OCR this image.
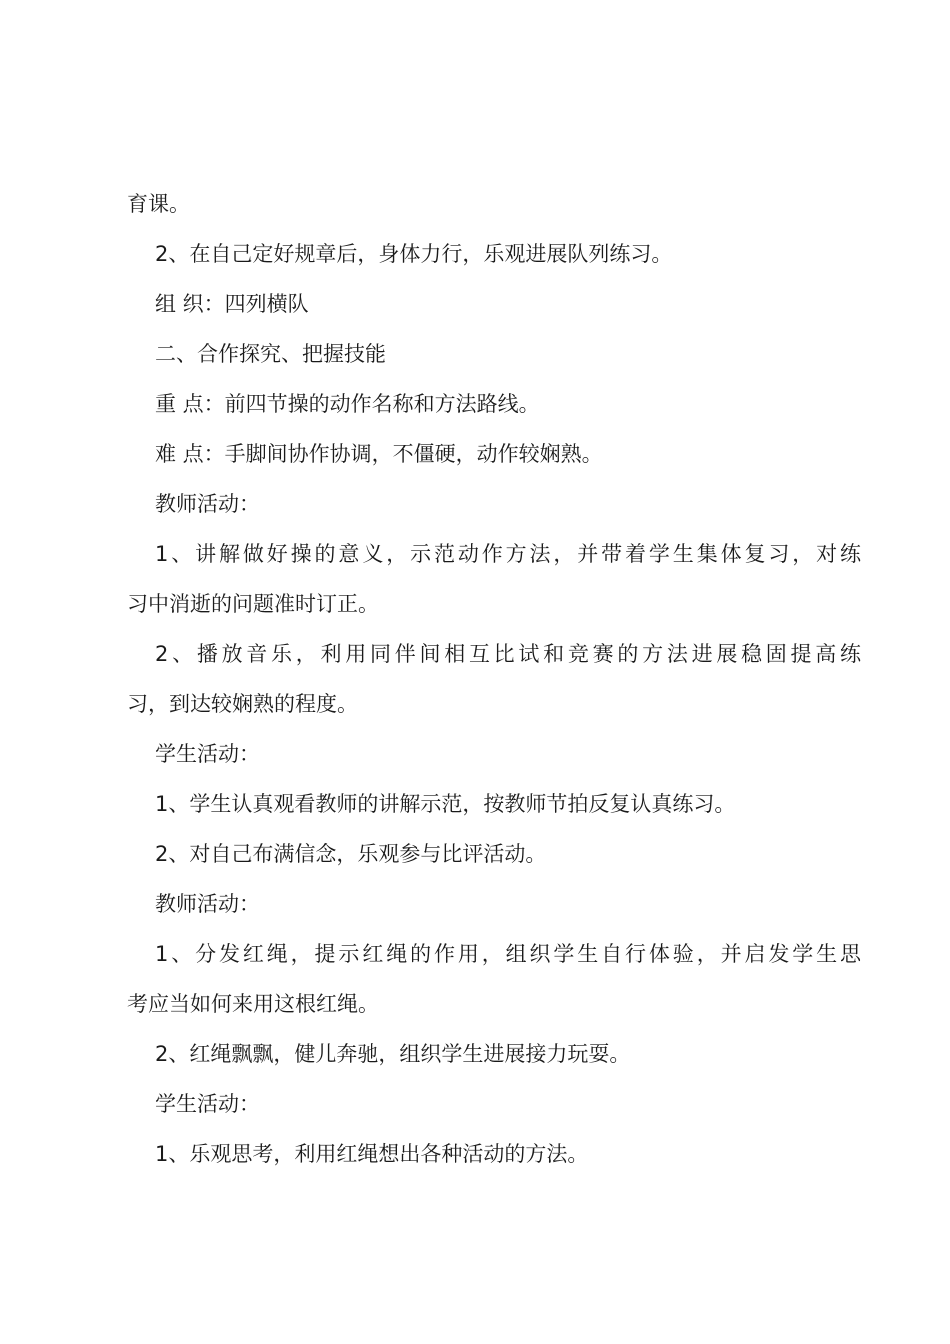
育课。
2、在自己定好规章后，身体力行，乐观进展队列练习。
组 织：四列横队
二、合作探究、把握技能
重 点：前四节操的动作名称和方法路线。
难 点：手脚间协作协调，不僵硬，动作较娴熟。
教师活动：
1、讲解做好操的意义，示范动作方法，并带着学生集体复习，对练
习中消逝的问题准时订正。
2、播放音乐，利用同伴间相互比试和竞赛的方法进展稳固提高练
习，到达较娴熟的程度。
学生活动：
1、学生认真观看教师的讲解示范，按教师节拍反复认真练习。
2、对自己布满信念，乐观参与比评活动。
教师活动：
1、分发红绳，提示红绳的作用，组织学生自行体验，并启发学生思
考应当如何来用这根红绳。
2、红绳飘飘，健儿奔驰，组织学生进展接力玩耍。
学生活动：
1、乐观思考，利用红绳想出各种活动的方法。
